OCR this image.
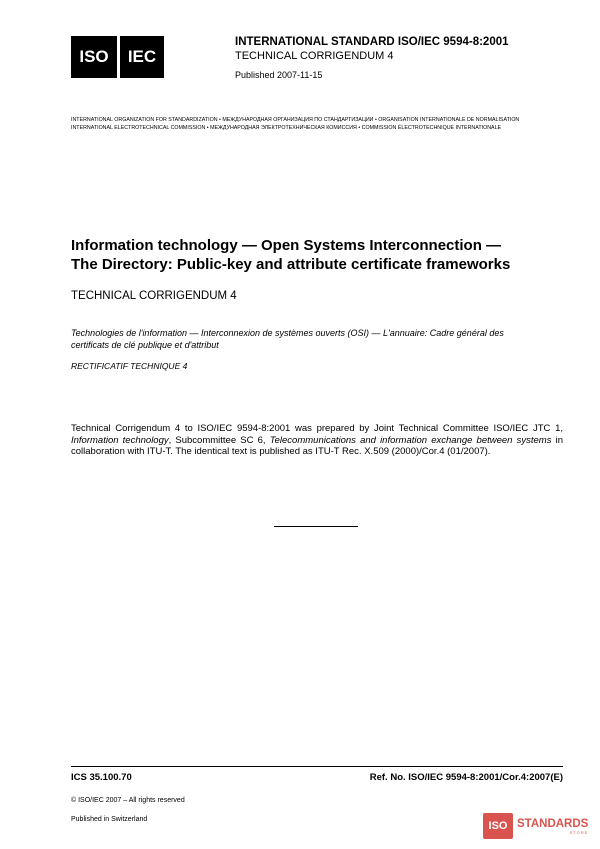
ISO IEC
INTERNATIONAL STANDARD ISO/IEC 9594-8:2001
TECHNICAL CORRIGENDUM 4
Published 2007-11-15
INTERNATIONAL ORGANIZATION FOR STANDARDIZATION • МЕЖДУНАРОДНАЯ ОРГАНИЗАЦИЯ ПО СТАНДАРТИЗАЦИИ • ORGANISATION INTERNATIONALE DE NORMALISATION
INTERNATIONAL ELECTROTECHNICAL COMMISSION • МЕЖДУНАРОДНАЯ ЭЛЕКТРОТЕХНИЧЕСКАЯ КОМИССИЯ • COMMISSION ÉLECTROTECHNIQUE INTERNATIONALE
Information technology — Open Systems Interconnection —
The Directory: Public-key and attribute certificate frameworks
TECHNICAL CORRIGENDUM 4
Technologies de l'information — Interconnexion de systèmes ouverts (OSI) — L'annuaire: Cadre général des certificats de clé publique et d'attribut
RECTIFICATIF TECHNIQUE 4
Technical Corrigendum 4 to ISO/IEC 9594-8:2001 was prepared by Joint Technical Committee ISO/IEC JTC 1, Information technology, Subcommittee SC 6, Telecommunications and information exchange between systems in collaboration with ITU-T. The identical text is published as ITU-T Rec. X.509 (2000)/Cor.4 (01/2007).
ICS 35.100.70	Ref. No. ISO/IEC 9594-8:2001/Cor.4:2007(E)
© ISO/IEC 2007 – All rights reserved
Published in Switzerland
ISO STANDARDS
STORE
